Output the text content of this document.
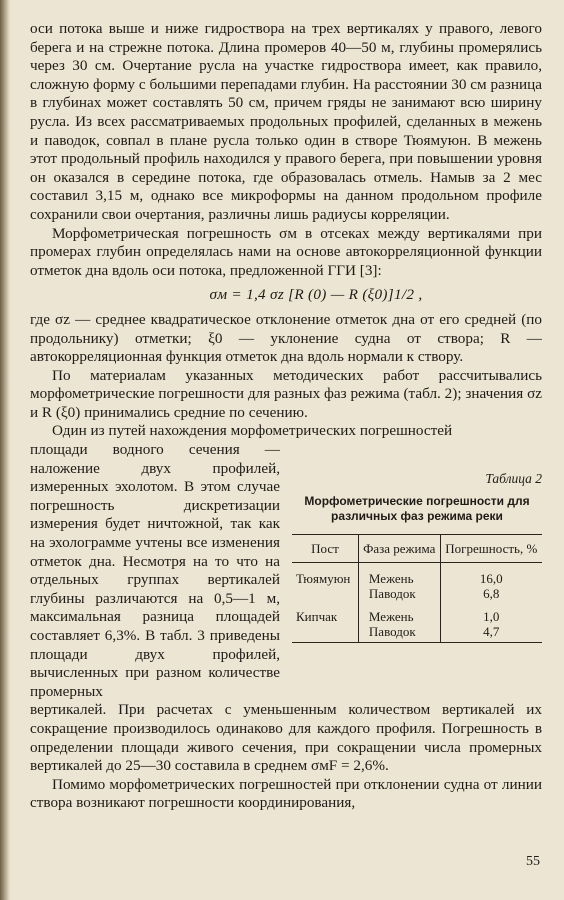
оси потока выше и ниже гидроствора на трех вертикалях у правого, левого берега и на стрежне потока. Длина промеров 40—50 м, глубины промерялись через 30 см. Очертание русла на участке гидроствора имеет, как правило, сложную форму с большими перепадами глубин. На расстоянии 30 см разница в глубинах может составлять 50 см, причем гряды не занимают всю ширину русла. Из всех рассматриваемых продольных профилей, сделанных в межень и паводок, совпал в плане русла только один в створе Тюямуюн. В межень этот продольный профиль находился у правого берега, при повышении уровня он оказался в середине потока, где образовалась отмель. Намыв за 2 мес составил 3,15 м, однако все микроформы на данном продольном профиле сохранили свои очертания, различны лишь радиусы корреляции.

Морфометрическая погрешность σм в отсеках между вертикалями при промерах глубин определялась нами на основе автокорреляционной функции отметок дна вдоль оси потока, предложенной ГГИ [3]:

σм = 1,4 σz [R (0) — R (ξ0)]1/2 ,

где σz — среднее квадратическое отклонение отметок дна от его средней (по продольнику) отметки; ξ0 — уклонение судна от створа; R — автокорреляционная функция отметок дна вдоль нормали к створу.

По материалам указанных методических работ рассчитывались морфометрические погрешности для разных фаз режима (табл. 2); значения σz и R (ξ0) принимались средние по сечению.

Один из путей нахождения морфометрических погрешностей

площади водного сечения — наложение двух профилей, измеренных эхолотом. В этом случае погрешность дискретизации измерения будет ничтожной, так как на эхолограмме учтены все изменения отметок дна. Несмотря на то что на отдельных группах вертикалей глубины различаются на 0,5—1 м, максимальная разница площадей составляет 6,3%. В табл. 3 приведены площади двух профилей, вычисленных при разном количестве промерных

Таблица 2
Морфометрические погрешности для различных фаз режима реки
Пост	Фаза режима	Погрешность, %

Тюямуюн	Межень	16,0
	Паводок	6,8

Кипчак	Межень	1,0
	Паводок	4,7

вертикалей. При расчетах с уменьшенным количеством вертикалей их сокращение производилось одинаково для каждого профиля. Погрешность в определении площади живого сечения, при сокращении числа промерных вертикалей до 25—30 составила в среднем σмF = 2,6%.

Помимо морфометрических погрешностей при отклонении судна от линии створа возникают погрешности координирования,

55
